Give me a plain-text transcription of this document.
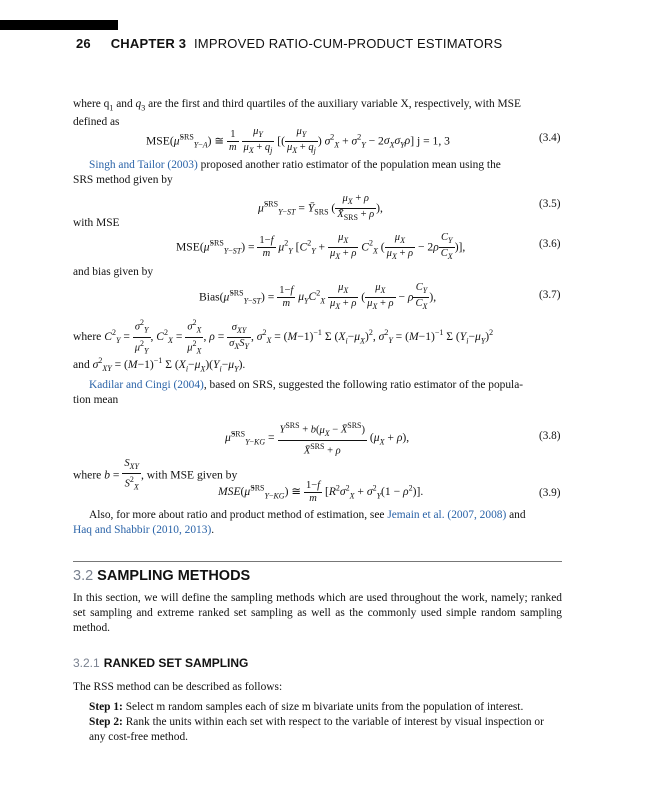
26 CHAPTER 3 IMPROVED RATIO-CUM-PRODUCT ESTIMATORS
where $q_1$ and $q_3$ are the first and third quartiles of the auxiliary variable X, respectively, with MSE
defined as
MSE(μ̂$^{SRS}_{Y-A}$) ≅ $\frac{1}{m}$
$\frac{\mu_Y}{\mu_X + q_j}$ [( $\frac{\mu_Y}{\mu_X + q_j}$ ) $\sigma^2_X + \sigma^2_Y - 2\sigma_X\sigma_Y\rho$] j = 1, 3	(3.4)
Singh and Tailor (2003) proposed another ratio estimator of the population mean using the
SRS method given by
μ̂$^{SRS}_{Y-ST}$ = $Ȳ_{SRS}$ ( $\frac{\mu_X + \rho}{X̄_{SRS} + \rho}$ ),	(3.5)
with MSE
MSE(μ̂$^{SRS}_{Y-ST}$) = $\frac{1-f}{m} \mu^2_Y$ [$C^2_Y + \frac{\mu_X}{\mu_X + \rho} C^2_X$ ( $\frac{\mu_X}{\mu_X + \rho} - 2\rho \frac{C_Y}{C_X}$ )],	(3.6)
and bias given by
Bias(μ̂$^{SRS}_{Y-ST}$) = $\frac{1-f}{m} \mu_YC^2_X \frac{\mu_X}{\mu_X + \rho}$ ( $\frac{\mu_X}{\mu_X + \rho} - \rho \frac{C_Y}{C_X}$ ),	(3.7)
where $C^2_Y = \frac{\sigma^2_Y}{\mu^2_Y}$ , $C^2_X = \frac{\sigma^2_X}{\mu^2_X}$ , $\rho = \frac{\sigma_{XY}}{\sigma_XS_Y}$ , $\sigma^2_X = (M-1)^{-1}$ Σ $(X_i-\mu_X)^2$, $\sigma^2_Y = (M-1)^{-1}$ Σ $(Y_i-\mu_Y)^2$
and $\sigma^2_{XY} = (M-1)^{-1}$ Σ $(X_i-\mu_X)(Y_i-\mu_Y)$.
Kadilar and Cingi (2004), based on SRS, suggested the following ratio estimator of the popula-
tion mean
μ̂$^{SRS}_{Y-KG}$ = $\frac{Y^{SRS} + b(\mu_X - X̄^{SRS})}{X̄^{SRS} + \rho} (\mu_X + \rho)$,	(3.8)
where $b = \frac{S_{XY}}{S^2_X}$ , with MSE given by
MSE(μ̂$^{SRS}_{Y-KG}$) ≅ $\frac{1-f}{m} [R^2\sigma^2_X + \sigma^2_Y(1 - \rho^2)]$.	(3.9)
Also, for more about ratio and product method of estimation, see Jemain et al. (2007, 2008) and
Haq and Shabbir (2010, 2013).
3.2 SAMPLING METHODS
In this section, we will define the sampling methods which are used throughout the work, namely; ranked set sampling and extreme ranked set sampling as well as the commonly used simple random sampling method.
3.2.1 RANKED SET SAMPLING
The RSS method can be described as follows:
Step 1: Select m random samples each of size m bivariate units from the population of interest.
Step 2: Rank the units within each set with respect to the variable of interest by visual inspection or any cost-free method.
